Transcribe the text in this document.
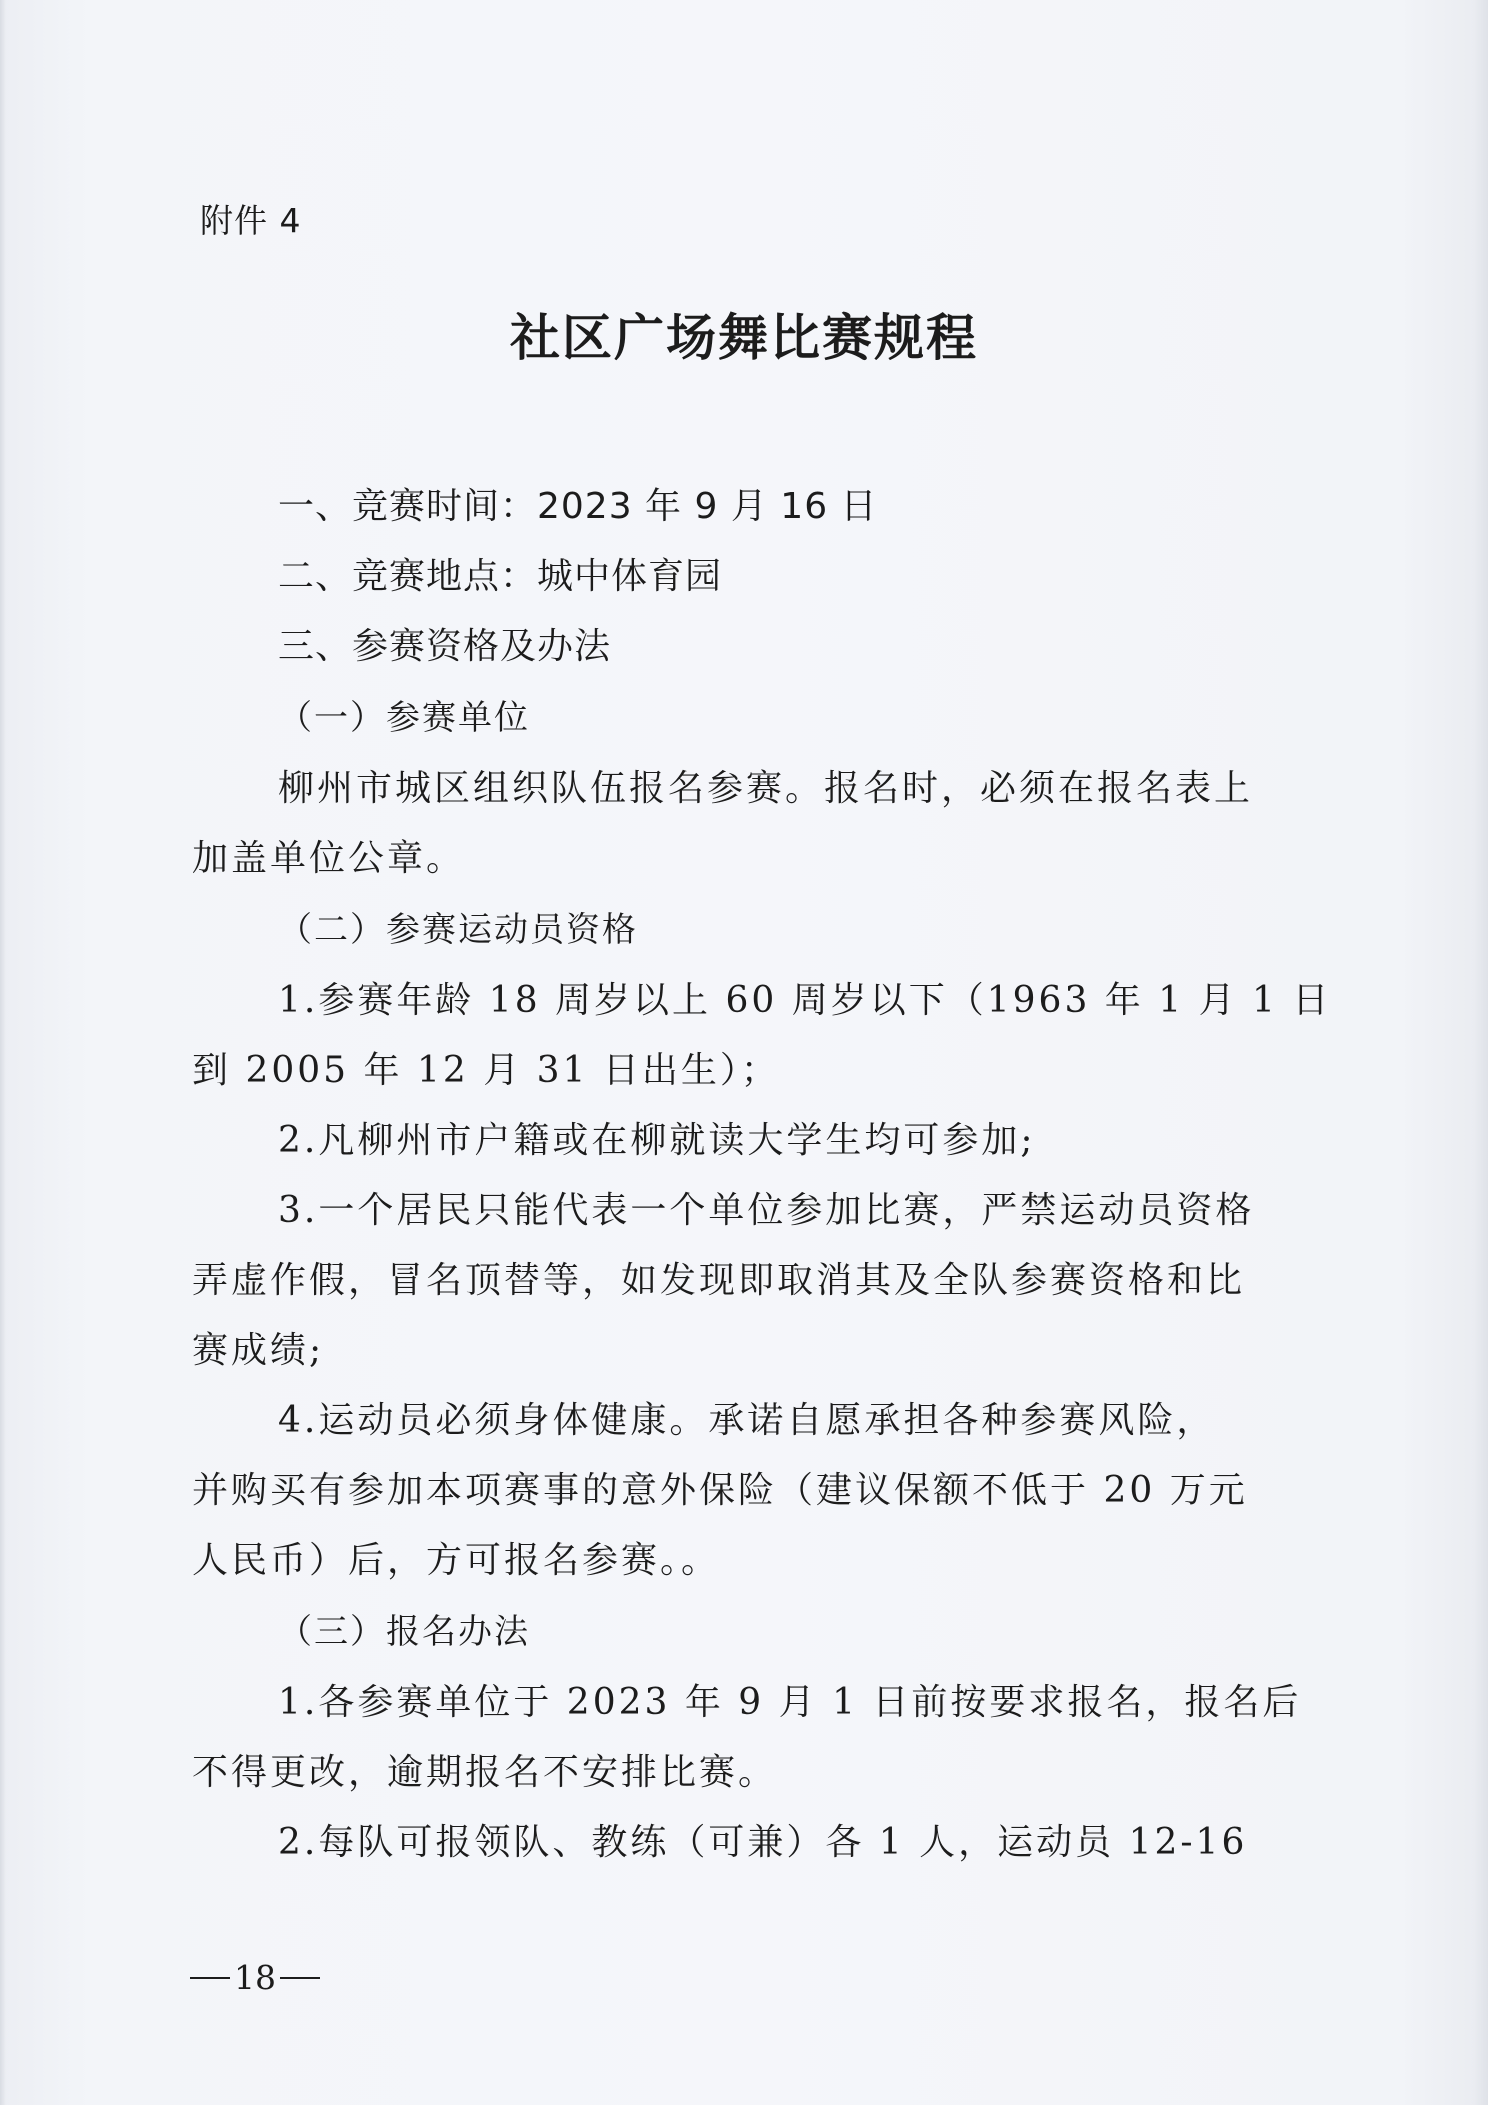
附件 4
社区广场舞比赛规程
一、竞赛时间：2023 年 9 月 16 日
二、竞赛地点：城中体育园
三、参赛资格及办法
（一）参赛单位
柳州市城区组织队伍报名参赛。报名时，必须在报名表上
加盖单位公章。
（二）参赛运动员资格
1.参赛年龄 18 周岁以上 60 周岁以下（1963 年 1 月 1 日
到 2005 年 12 月 31 日出生）；
2.凡柳州市户籍或在柳就读大学生均可参加;
3.一个居民只能代表一个单位参加比赛，严禁运动员资格
弄虚作假，冒名顶替等，如发现即取消其及全队参赛资格和比
赛成绩;
4.运动员必须身体健康。承诺自愿承担各种参赛风险，
并购买有参加本项赛事的意外保险（建议保额不低于 20 万元
人民币）后，方可报名参赛。。
（三）报名办法
1.各参赛单位于 2023 年 9 月 1 日前按要求报名，报名后
不得更改，逾期报名不安排比赛。
2.每队可报领队、教练（可兼）各 1 人，运动员 12-16
18
